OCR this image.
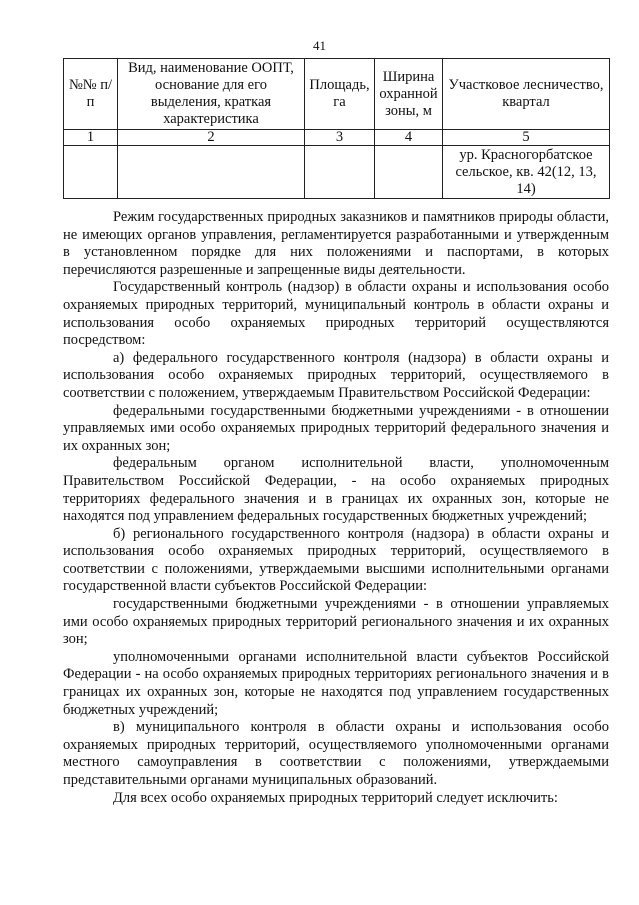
41
№№ п/п	Вид, наименование ООПТ, основание для его выделения, краткая характеристика	Площадь, га	Ширина охранной зоны, м	Участковое лесничество, квартал
1	2	3	4	5
				ур. Красногорбатское сельское, кв. 42(12, 13, 14)

Режим государственных природных заказников и памятников природы области, не имеющих органов управления, регламентируется разработанными и утвержденным в установленном порядке для них положениями и паспортами, в которых перечисляются разрешенные и запрещенные виды деятельности.

Государственный контроль (надзор) в области охраны и использования особо охраняемых природных территорий, муниципальный контроль в области охраны и использования особо охраняемых природных территорий осуществляются посредством:

а) федерального государственного контроля (надзора) в области охраны и использования особо охраняемых природных территорий, осуществляемого в соответствии с положением, утверждаемым Правительством Российской Федерации:

федеральными государственными бюджетными учреждениями - в отношении управляемых ими особо охраняемых природных территорий федерального значения и их охранных зон;

федеральным органом исполнительной власти, уполномоченным Правительством Российской Федерации, - на особо охраняемых природных территориях федерального значения и в границах их охранных зон, которые не находятся под управлением федеральных государственных бюджетных учреждений;

б) регионального государственного контроля (надзора) в области охраны и использования особо охраняемых природных территорий, осуществляемого в соответствии с положениями, утверждаемыми высшими исполнительными органами государственной власти субъектов Российской Федерации:

государственными бюджетными учреждениями - в отношении управляемых ими особо охраняемых природных территорий регионального значения и их охранных зон;

уполномоченными органами исполнительной власти субъектов Российской Федерации - на особо охраняемых природных территориях регионального значения и в границах их охранных зон, которые не находятся под управлением государственных бюджетных учреждений;

в) муниципального контроля в области охраны и использования особо охраняемых природных территорий, осуществляемого уполномоченными органами местного самоуправления в соответствии с положениями, утверждаемыми представительными органами муниципальных образований.

Для всех особо охраняемых природных территорий следует исключить:
